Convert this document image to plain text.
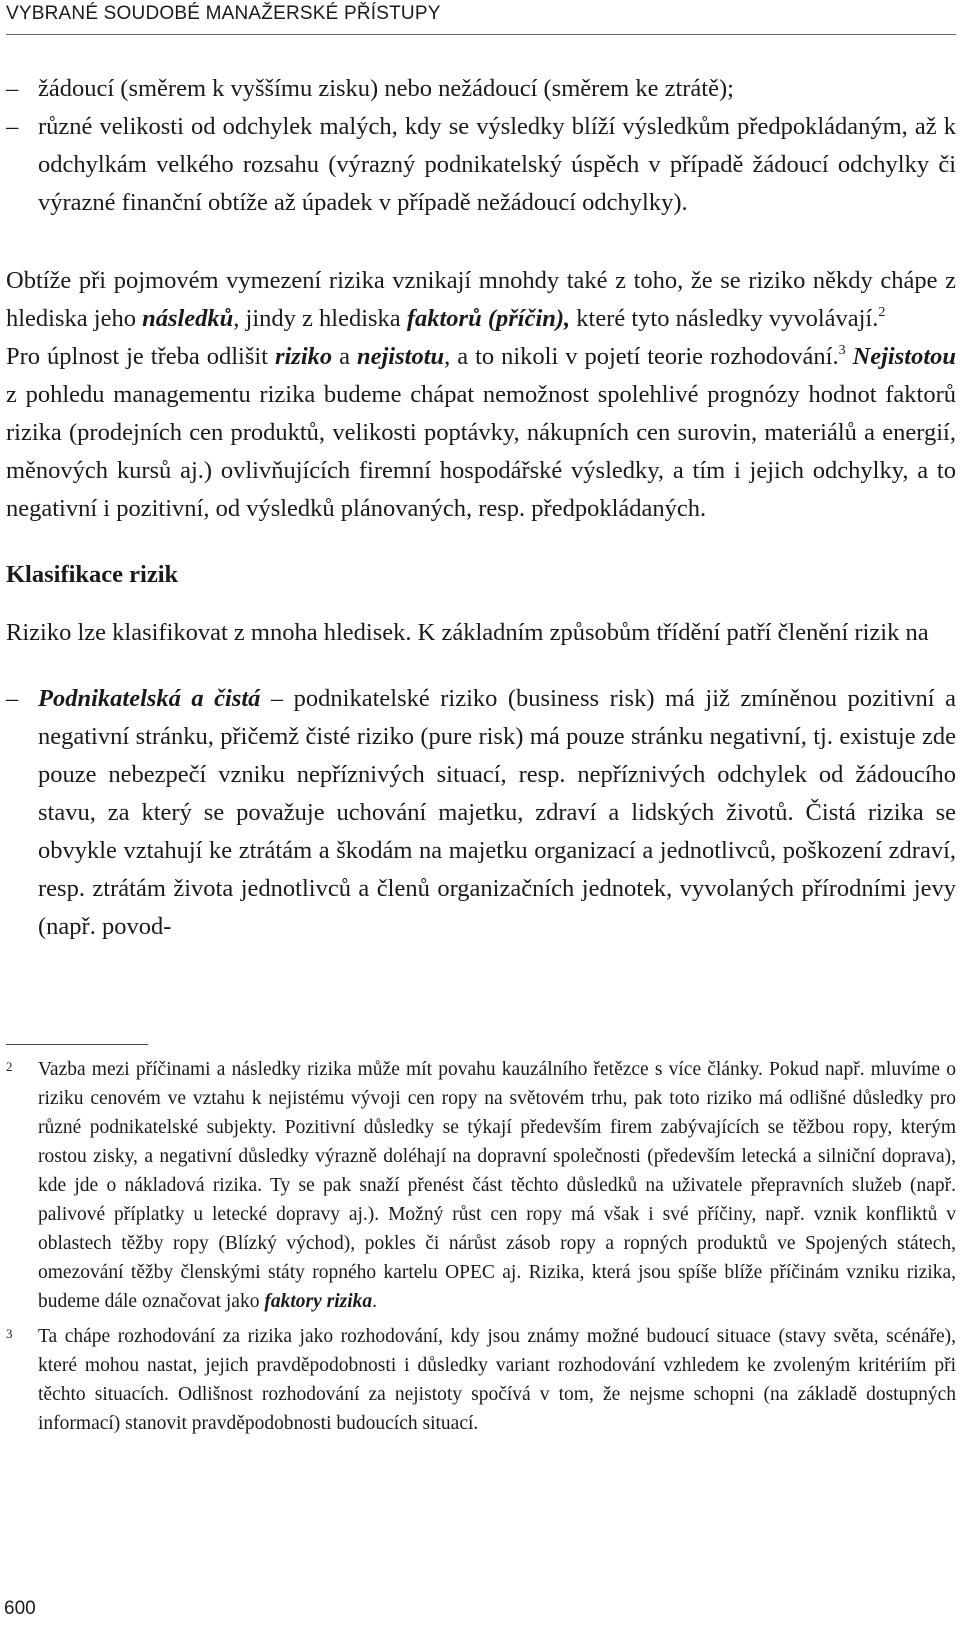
VYBRANÉ SOUDOBÉ MANAŽERSKÉ PŘÍSTUPY
– žádoucí (směrem k vyššímu zisku) nebo nežádoucí (směrem ke ztrátě);
– různé velikosti od odchylek malých, kdy se výsledky blíží výsledkům předpokládaným, až k odchylkám velkého rozsahu (výrazný podnikatelský úspěch v případě žádoucí odchylky či výrazné finanční obtíže až úpadek v případě nežádoucí odchylky).

Obtíže při pojmovém vymezení rizika vznikají mnohdy také z toho, že se riziko někdy chápe z hlediska jeho následků, jindy z hlediska faktorů (příčin), které tyto následky vyvolávají.$^2$

Pro úplnost je třeba odlišit riziko a nejistotu, a to nikoli v pojetí teorie rozhodování.$^3$ Nejistotou z pohledu managementu rizika budeme chápat nemožnost spolehlivé prognózy hodnot faktorů rizika (prodejních cen produktů, velikosti poptávky, nákupních cen surovin, materiálů a energií, měnových kursů aj.) ovlivňujících firemní hospodářské výsledky, a tím i jejich odchylky, a to negativní i pozitivní, od výsledků plánovaných, resp. předpokládaných.

Klasifikace rizik

Riziko lze klasifikovat z mnoha hledisek. K základním způsobům třídění patří členění rizik na

– Podnikatelská a čistá – podnikatelské riziko (business risk) má již zmíněnou pozitivní a negativní stránku, přičemž čisté riziko (pure risk) má pouze stránku negativní, tj. existuje zde pouze nebezpečí vzniku nepříznivých situací, resp. nepříznivých odchylek od žádoucího stavu, za který se považuje uchování majetku, zdraví a lidských životů. Čistá rizika se obvykle vztahují ke ztrátám a škodám na majetku organizací a jednotlivců, poškození zdraví, resp. ztrátám života jednotlivců a členů organizačních jednotek, vyvolaných přírodními jevy (např. povod-
2 Vazba mezi příčinami a následky rizika může mít povahu kauzálního řetězce s více články. Pokud např. mluvíme o riziku cenovém ve vztahu k nejistému vývoji cen ropy na světovém trhu, pak toto riziko má odlišné důsledky pro různé podnikatelské subjekty. Pozitivní důsledky se týkají především firem zabývajících se těžbou ropy, kterým rostou zisky, a negativní důsledky výrazně doléhají na dopravní společnosti (především letecká a silniční doprava), kde jde o nákladová rizika. Ty se pak snaží přenést část těchto důsledků na uživatele přepravních služeb (např. palivové příplatky u letecké dopravy aj.). Možný růst cen ropy má však i své příčiny, např. vznik konfliktů v oblastech těžby ropy (Blízký východ), pokles či nárůst zásob ropy a ropných produktů ve Spojených státech, omezování těžby členskými státy ropného kartelu OPEC aj. Rizika, která jsou spíše blíže příčinám vzniku rizika, budeme dále označovat jako faktory rizika.
3 Ta chápe rozhodování za rizika jako rozhodování, kdy jsou známy možné budoucí situace (stavy světa, scénáře), které mohou nastat, jejich pravděpodobnosti i důsledky variant rozhodování vzhledem ke zvoleným kritériím při těchto situacích. Odlišnost rozhodování za nejistoty spočívá v tom, že nejsme schopni (na základě dostupných informací) stanovit pravděpodobnosti budoucích situací.
600
